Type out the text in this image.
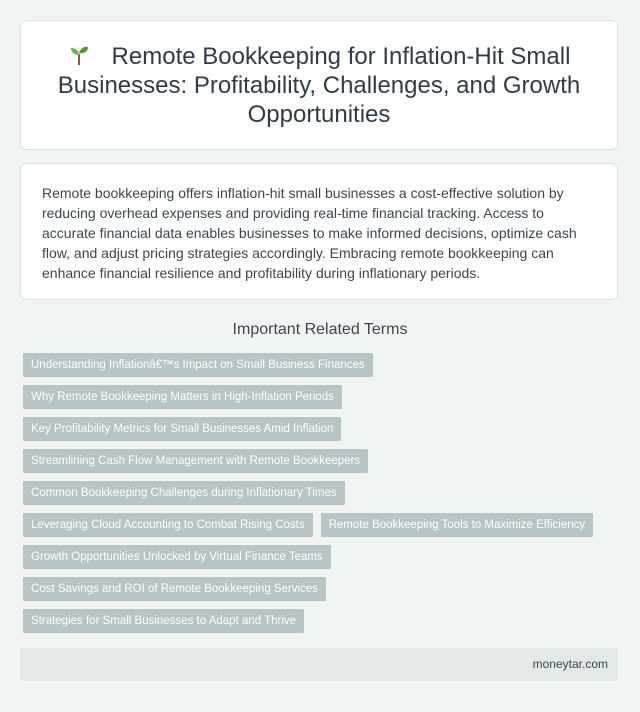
Remote Bookkeeping for Inflation-Hit Small Businesses: Profitability, Challenges, and Growth Opportunities

Remote bookkeeping offers inflation-hit small businesses a cost-effective solution by reducing overhead expenses and providing real-time financial tracking. Access to accurate financial data enables businesses to make informed decisions, optimize cash flow, and adjust pricing strategies accordingly. Embracing remote bookkeeping can enhance financial resilience and profitability during inflationary periods.

Important Related Terms
Understanding Inflationâ€™s Impact on Small Business Finances
Why Remote Bookkeeping Matters in High-Inflation Periods
Key Profitability Metrics for Small Businesses Amid Inflation
Streamlining Cash Flow Management with Remote Bookkeepers
Common Bookkeeping Challenges during Inflationary Times
Leveraging Cloud Accounting to Combat Rising Costs	Remote Bookkeeping Tools to Maximize Efficiency
Growth Opportunities Unlocked by Virtual Finance Teams
Cost Savings and ROI of Remote Bookkeeping Services
Strategies for Small Businesses to Adapt and Thrive
moneytar.com
